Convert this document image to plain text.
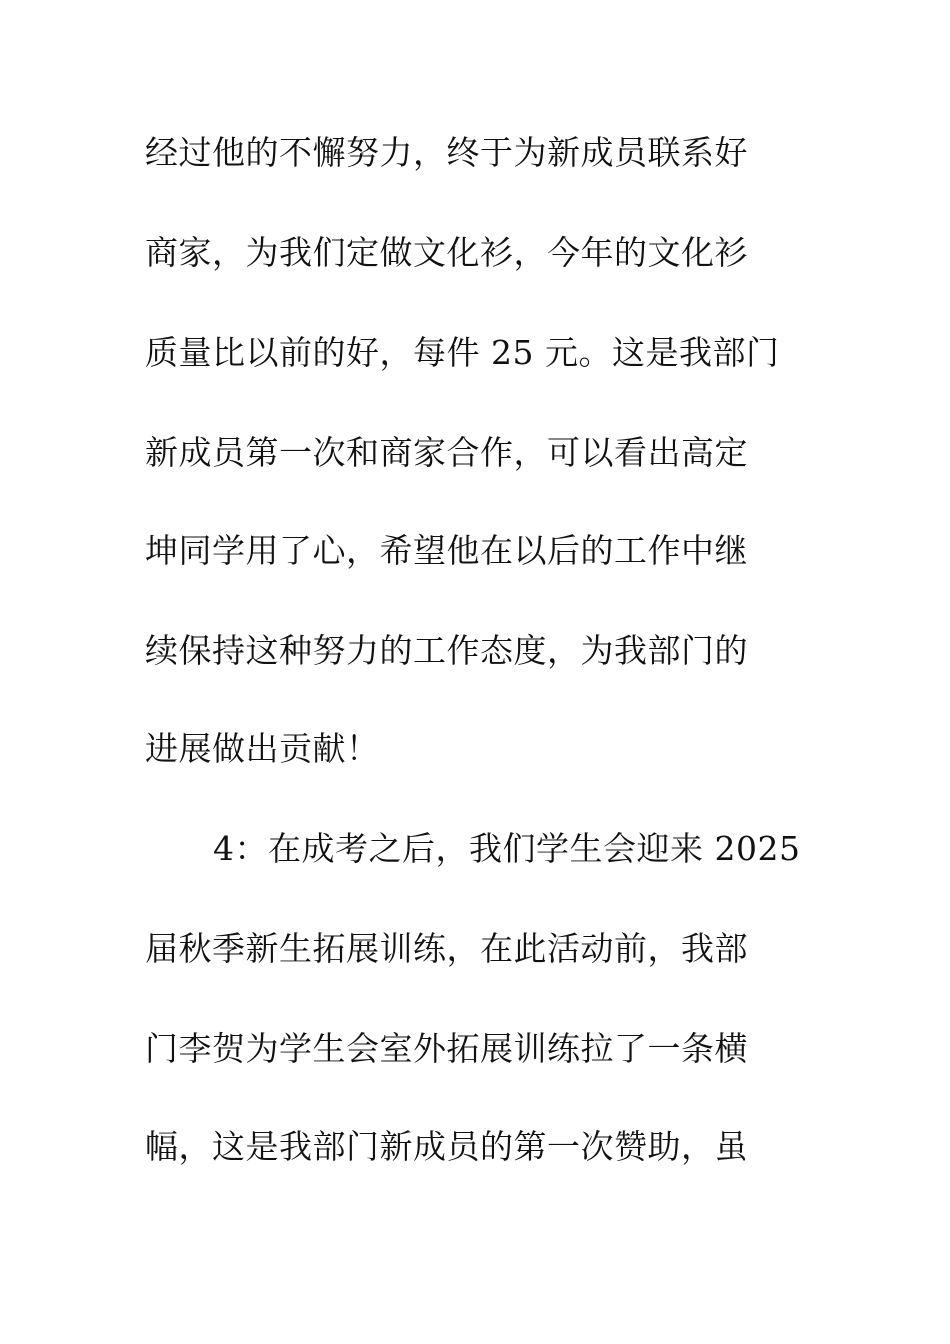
经过他的不懈努力，终于为新成员联系好
商家，为我们定做文化衫，今年的文化衫
质量比以前的好，每件 25 元。这是我部门
新成员第一次和商家合作，可以看出高定
坤同学用了心，希望他在以后的工作中继
续保持这种努力的工作态度，为我部门的
进展做出贡献！
4：在成考之后，我们学生会迎来 2025
届秋季新生拓展训练，在此活动前，我部
门李贺为学生会室外拓展训练拉了一条横
幅，这是我部门新成员的第一次赞助，虽
